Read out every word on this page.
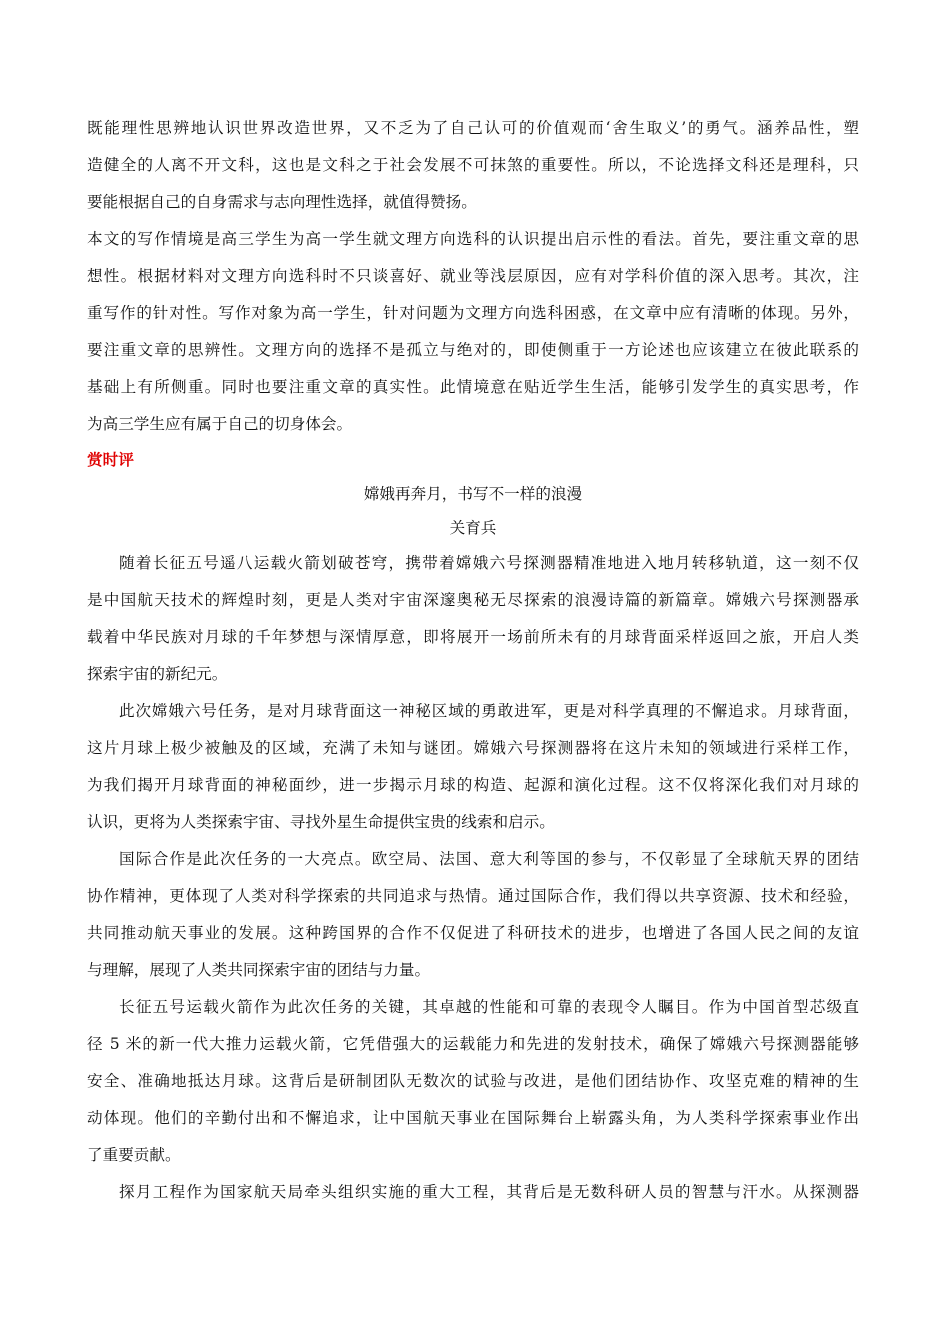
既能理性思辨地认识世界改造世界，又不乏为了自己认可的价值观而‘舍生取义’的勇气。涵养品性，塑
造健全的人离不开文科，这也是文科之于社会发展不可抹煞的重要性。所以，不论选择文科还是理科，只
要能根据自己的自身需求与志向理性选择，就值得赞扬。
本文的写作情境是高三学生为高一学生就文理方向选科的认识提出启示性的看法。首先，要注重文章的思
想性。根据材料对文理方向选科时不只谈喜好、就业等浅层原因，应有对学科价值的深入思考。其次，注
重写作的针对性。写作对象为高一学生，针对问题为文理方向选科困惑，在文章中应有清晰的体现。另外，
要注重文章的思辨性。文理方向的选择不是孤立与绝对的，即使侧重于一方论述也应该建立在彼此联系的
基础上有所侧重。同时也要注重文章的真实性。此情境意在贴近学生生活，能够引发学生的真实思考，作
为高三学生应有属于自己的切身体会。
赏时评
嫦娥再奔月，书写不一样的浪漫
关育兵
随着长征五号遥八运载火箭划破苍穹，携带着嫦娥六号探测器精准地进入地月转移轨道，这一刻不仅
是中国航天技术的辉煌时刻，更是人类对宇宙深邃奥秘无尽探索的浪漫诗篇的新篇章。嫦娥六号探测器承
载着中华民族对月球的千年梦想与深情厚意，即将展开一场前所未有的月球背面采样返回之旅，开启人类
探索宇宙的新纪元。
此次嫦娥六号任务，是对月球背面这一神秘区域的勇敢进军，更是对科学真理的不懈追求。月球背面，
这片月球上极少被触及的区域，充满了未知与谜团。嫦娥六号探测器将在这片未知的领域进行采样工作，
为我们揭开月球背面的神秘面纱，进一步揭示月球的构造、起源和演化过程。这不仅将深化我们对月球的
认识，更将为人类探索宇宙、寻找外星生命提供宝贵的线索和启示。
国际合作是此次任务的一大亮点。欧空局、法国、意大利等国的参与，不仅彰显了全球航天界的团结
协作精神，更体现了人类对科学探索的共同追求与热情。通过国际合作，我们得以共享资源、技术和经验，
共同推动航天事业的发展。这种跨国界的合作不仅促进了科研技术的进步，也增进了各国人民之间的友谊
与理解，展现了人类共同探索宇宙的团结与力量。
长征五号运载火箭作为此次任务的关键，其卓越的性能和可靠的表现令人瞩目。作为中国首型芯级直
径 5 米的新一代大推力运载火箭，它凭借强大的运载能力和先进的发射技术，确保了嫦娥六号探测器能够
安全、准确地抵达月球。这背后是研制团队无数次的试验与改进，是他们团结协作、攻坚克难的精神的生
动体现。他们的辛勤付出和不懈追求，让中国航天事业在国际舞台上崭露头角，为人类科学探索事业作出
了重要贡献。
探月工程作为国家航天局牵头组织实施的重大工程，其背后是无数科研人员的智慧与汗水。从探测器
